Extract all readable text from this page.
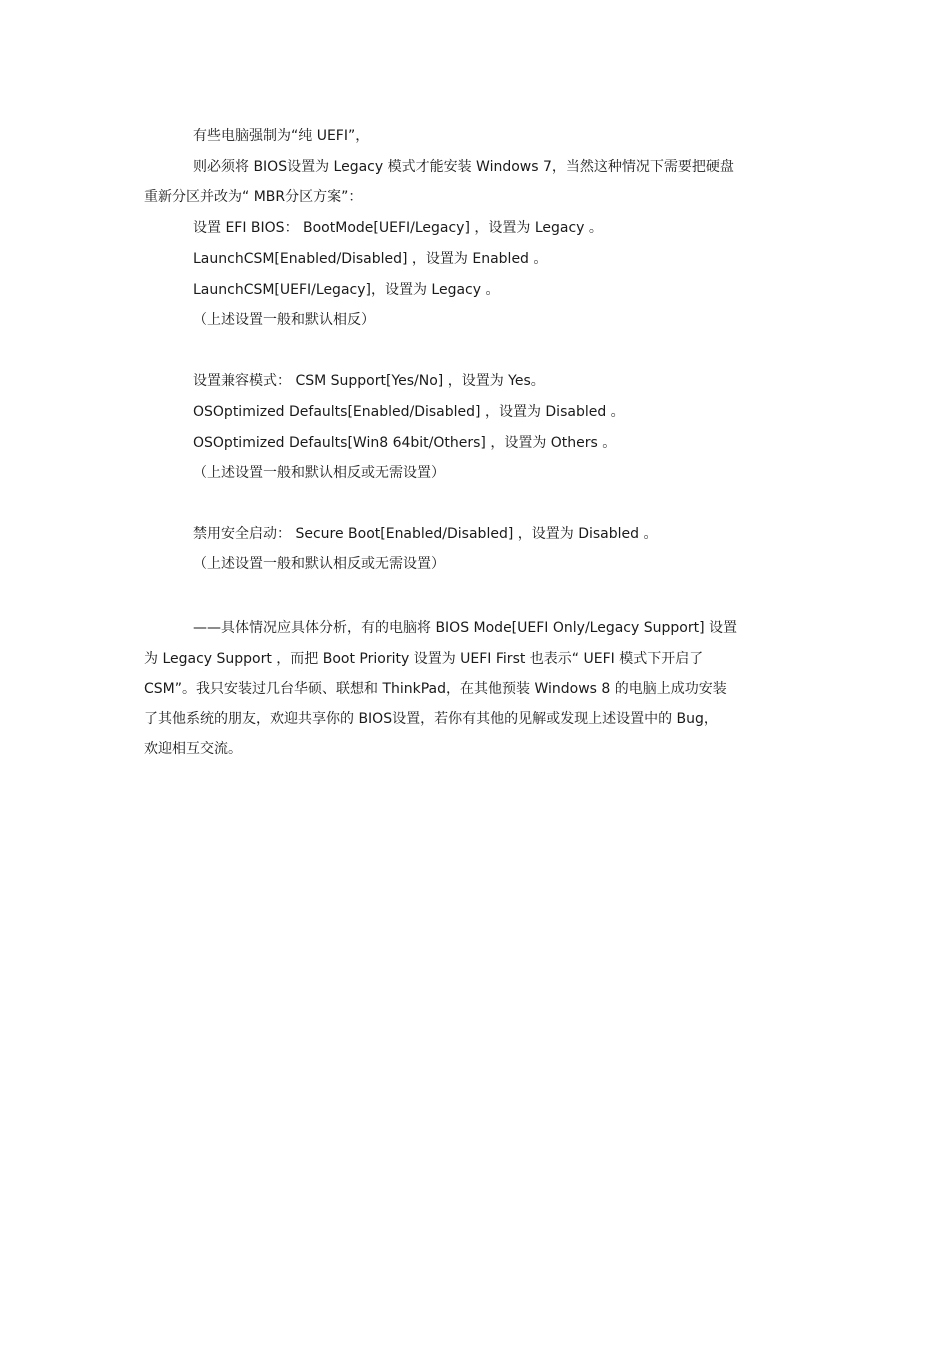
有些电脑强制为“纯 UEFI”，
则必须将 BIOS设置为 Legacy 模式才能安装 Windows 7，当然这种情况下需要把硬盘
重新分区并改为“ MBR分区方案”：
设置 EFI BIOS： BootMode[UEFI/Legacy] ，设置为 Legacy 。
LaunchCSM[Enabled/Disabled] ，设置为 Enabled 。
LaunchCSM[UEFI/Legacy]，设置为 Legacy 。
（上述设置一般和默认相反）
设置兼容模式： CSM Support[Yes/No] ，设置为 Yes。
OSOptimized Defaults[Enabled/Disabled] ，设置为 Disabled 。
OSOptimized Defaults[Win8 64bit/Others] ，设置为 Others 。
（上述设置一般和默认相反或无需设置）
禁用安全启动： Secure Boot[Enabled/Disabled] ，设置为 Disabled 。
（上述设置一般和默认相反或无需设置）
——具体情况应具体分析，有的电脑将 BIOS Mode[UEFI Only/Legacy Support] 设置
为 Legacy Support ，而把 Boot Priority 设置为 UEFI First 也表示“ UEFI 模式下开启了
CSM”。我只安装过几台华硕、联想和 ThinkPad，在其他预装 Windows 8 的电脑上成功安装
了其他系统的朋友，欢迎共享你的 BIOS设置，若你有其他的见解或发现上述设置中的 Bug，
欢迎相互交流。
